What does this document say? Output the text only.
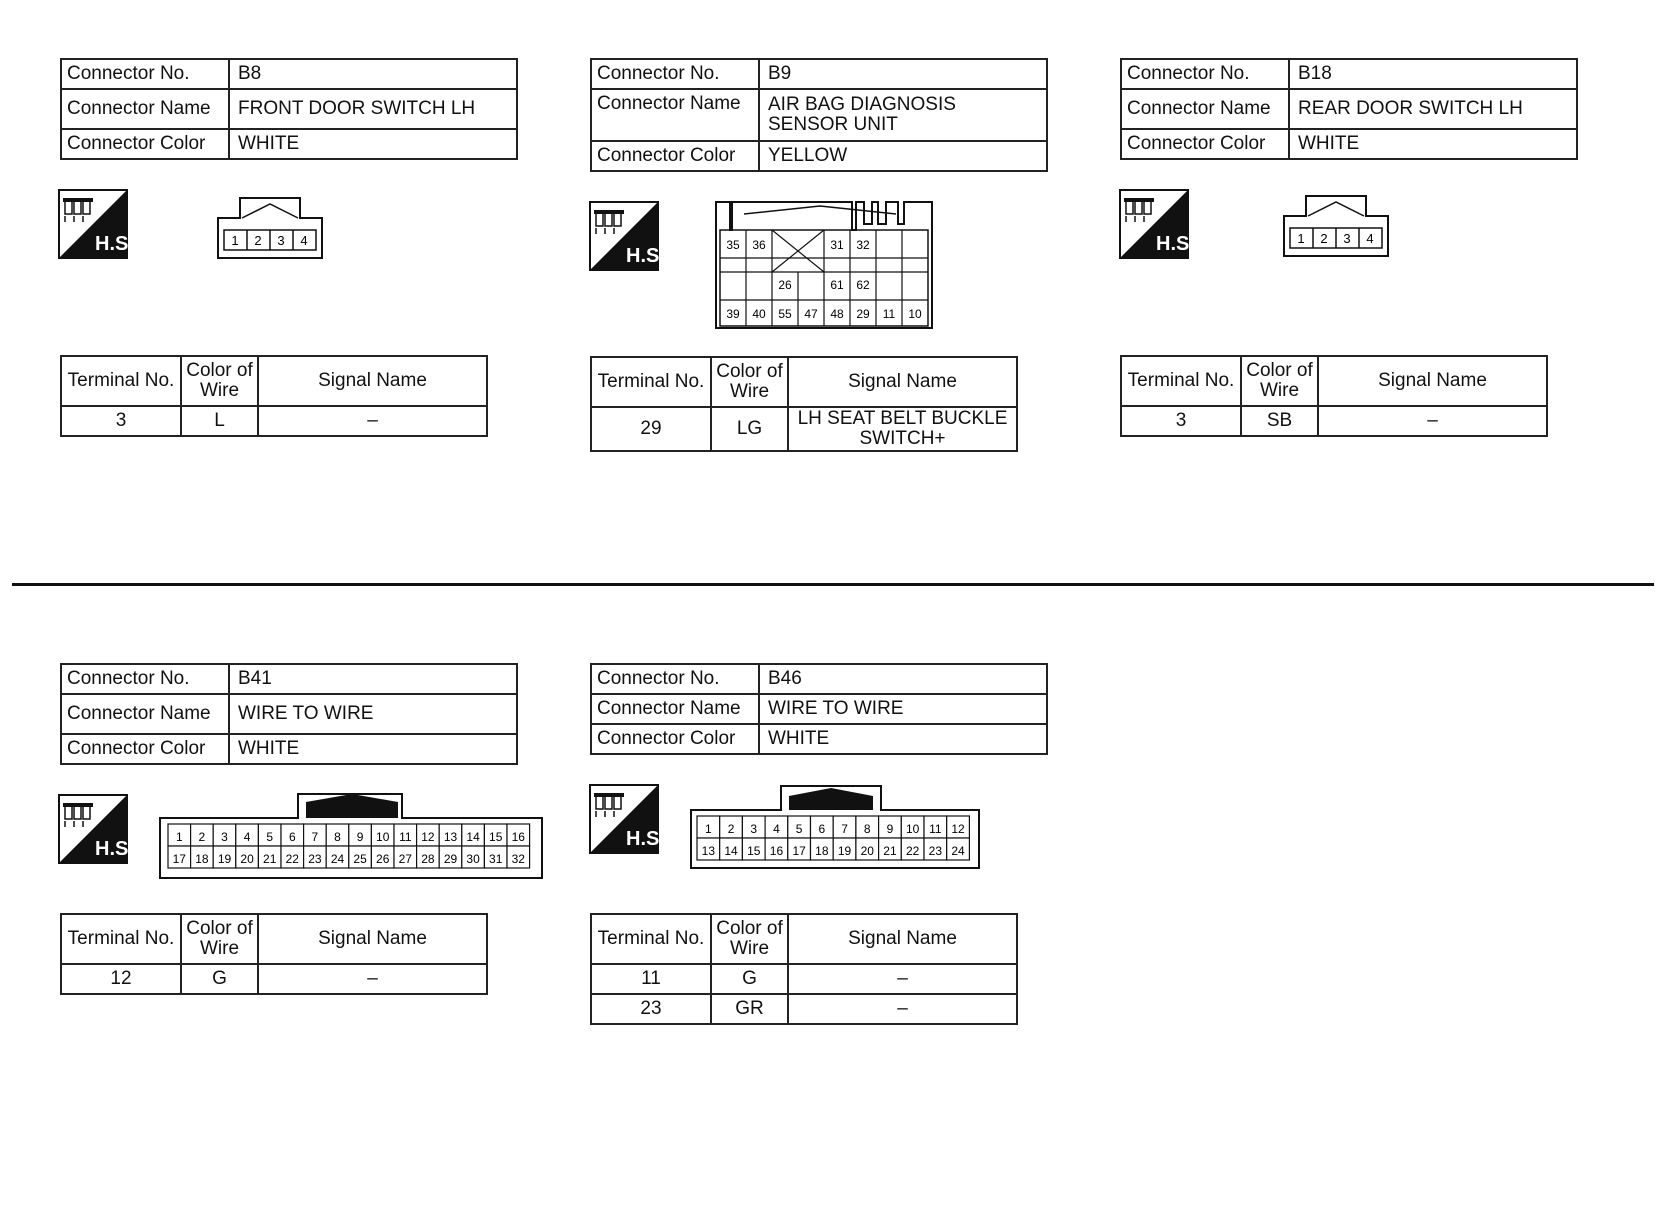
Connector No.	B8
Connector Name	FRONT DOOR SWITCH LH
Connector Color	WHITE
H.S.	1 2 3 4
Terminal No.	Color of Wire	Signal Name
3	L	–
Connector No.	B9
Connector Name	AIR BAG DIAGNOSIS SENSOR UNIT
Connector Color	YELLOW
H.S.	35 36	31 32
26	61 62
39 40 55 47 48 29 11 10
Terminal No.	Color of Wire	Signal Name
29	LG	LH SEAT BELT BUCKLE SWITCH+
Connector No.	B18
Connector Name	REAR DOOR SWITCH LH
Connector Color	WHITE
H.S.	1 2 3 4
Terminal No.	Color of Wire	Signal Name
3	SB	–
Connector No.	B41
Connector Name	WIRE TO WIRE
Connector Color	WHITE
H.S.
1 2 3 4 5 6 7 8 9 10 11 12 13 14 15 16
17 18 19 20 21 22 23 24 25 26 27 28 29 30 31 32
Terminal No.	Color of Wire	Signal Name
12	G	–
Connector No.	B46
Connector Name	WIRE TO WIRE
Connector Color	WHITE
H.S.	1 2 3 4 5 6 7 8 9 10 11 12
13 14 15 16 17 18 19 20 21 22 23 24
Terminal No.	Color of Wire	Signal Name
11	G	–
23	GR	–
